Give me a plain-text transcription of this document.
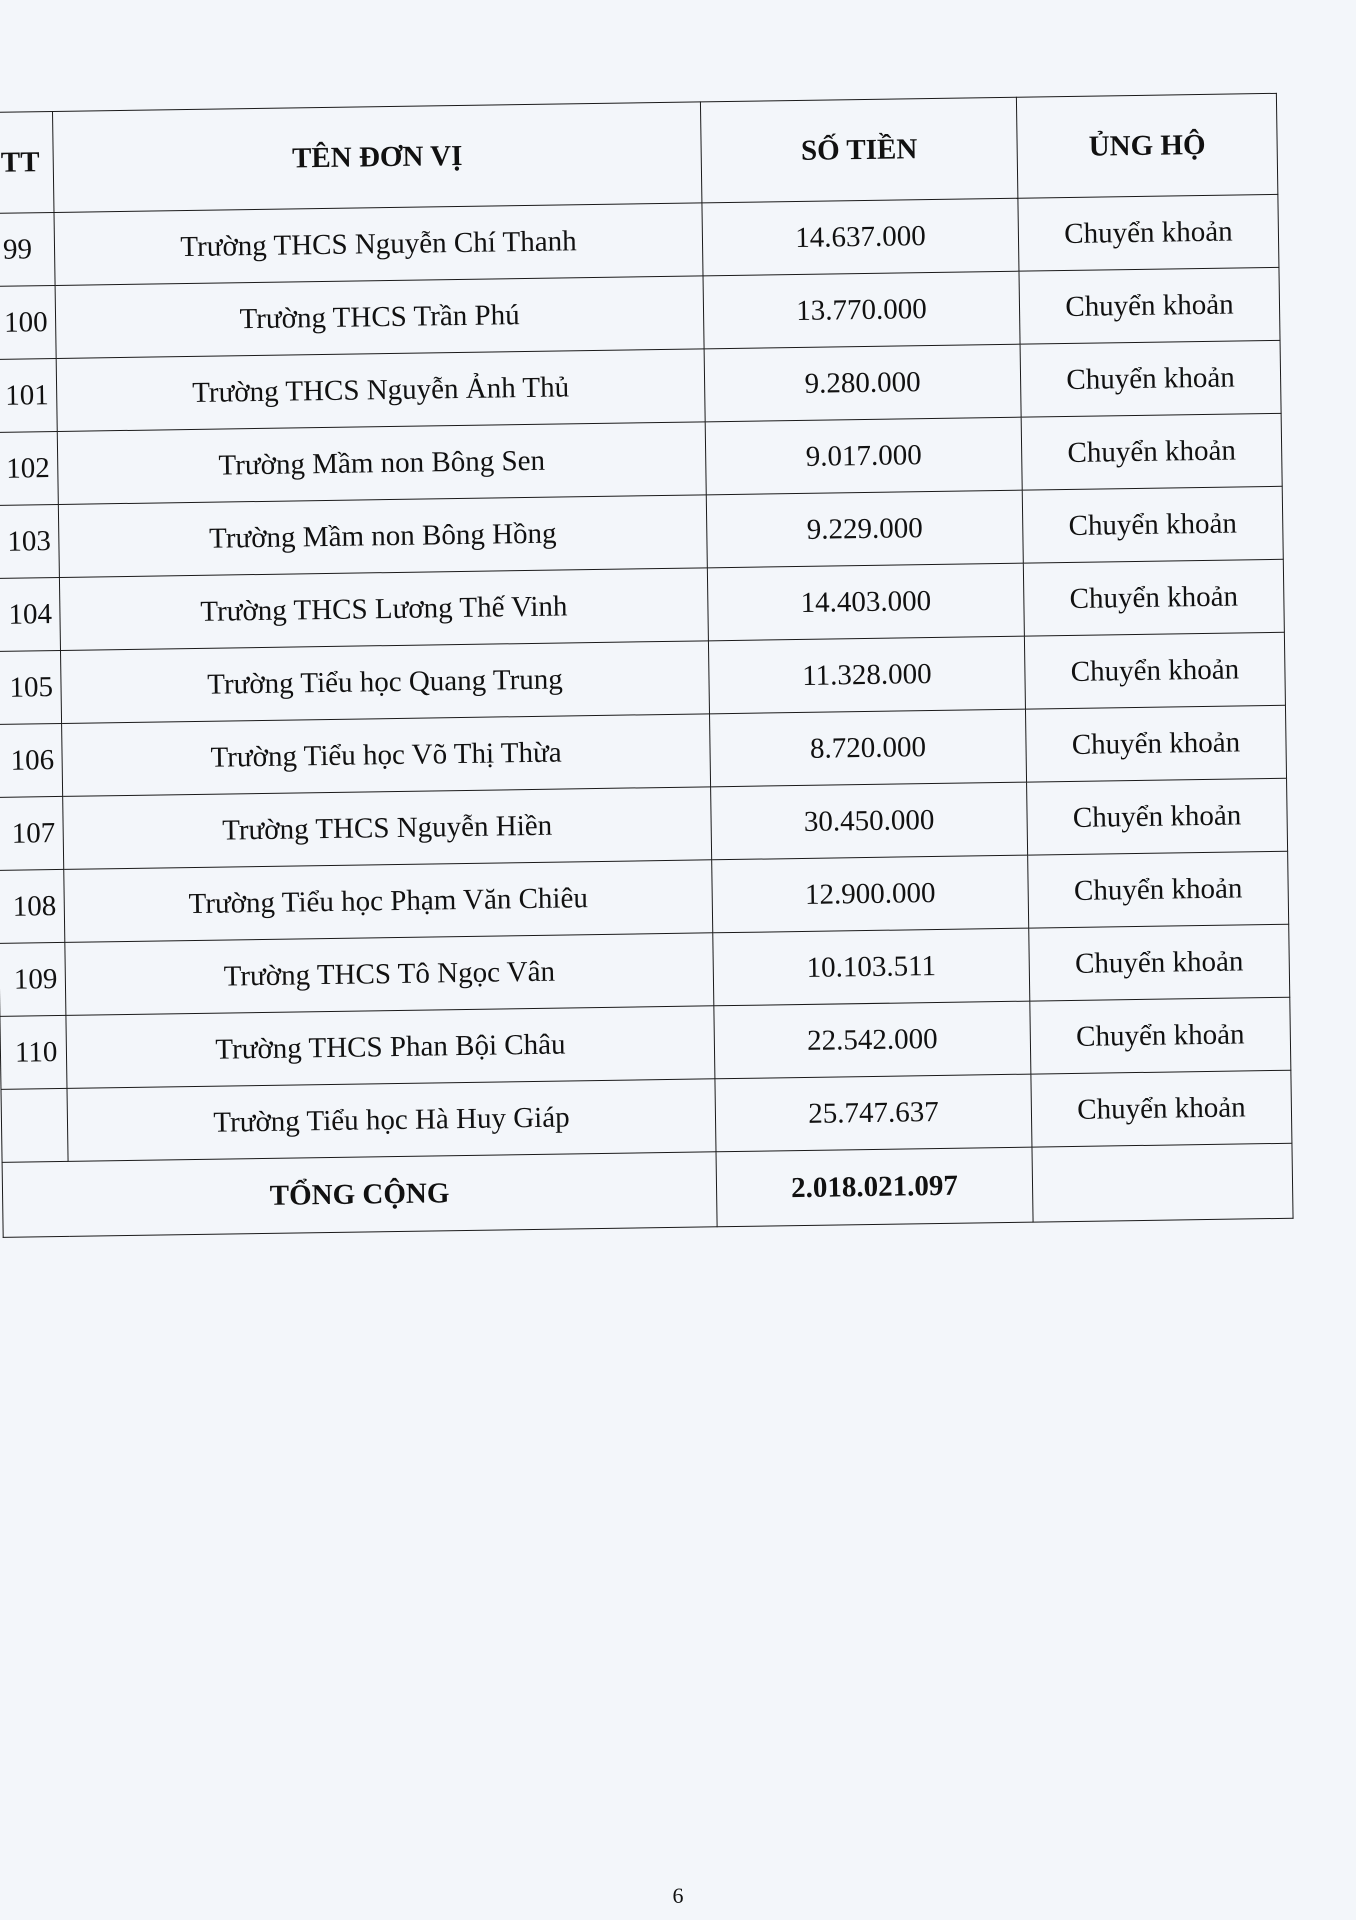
TT	TÊN ĐƠN VỊ	SỐ TIỀN	ỦNG HỘ
99	Trường THCS Nguyễn Chí Thanh	14.637.000	Chuyển khoản
100	Trường THCS Trần Phú	13.770.000	Chuyển khoản
101	Trường THCS Nguyễn Ảnh Thủ	9.280.000	Chuyển khoản
102	Trường Mầm non Bông Sen	9.017.000	Chuyển khoản
103	Trường Mầm non Bông Hồng	9.229.000	Chuyển khoản
104	Trường THCS Lương Thế Vinh	14.403.000	Chuyển khoản
105	Trường Tiểu học Quang Trung	11.328.000	Chuyển khoản
106	Trường Tiểu học Võ Thị Thừa	8.720.000	Chuyển khoản
107	Trường THCS Nguyễn Hiền	30.450.000	Chuyển khoản
108	Trường Tiểu học Phạm Văn Chiêu	12.900.000	Chuyển khoản
109	Trường THCS Tô Ngọc Vân	10.103.511	Chuyển khoản
110	Trường THCS Phan Bội Châu	22.542.000	Chuyển khoản
	Trường Tiểu học Hà Huy Giáp	25.747.637	Chuyển khoản
TỔNG CỘNG		2.018.021.097	
6
